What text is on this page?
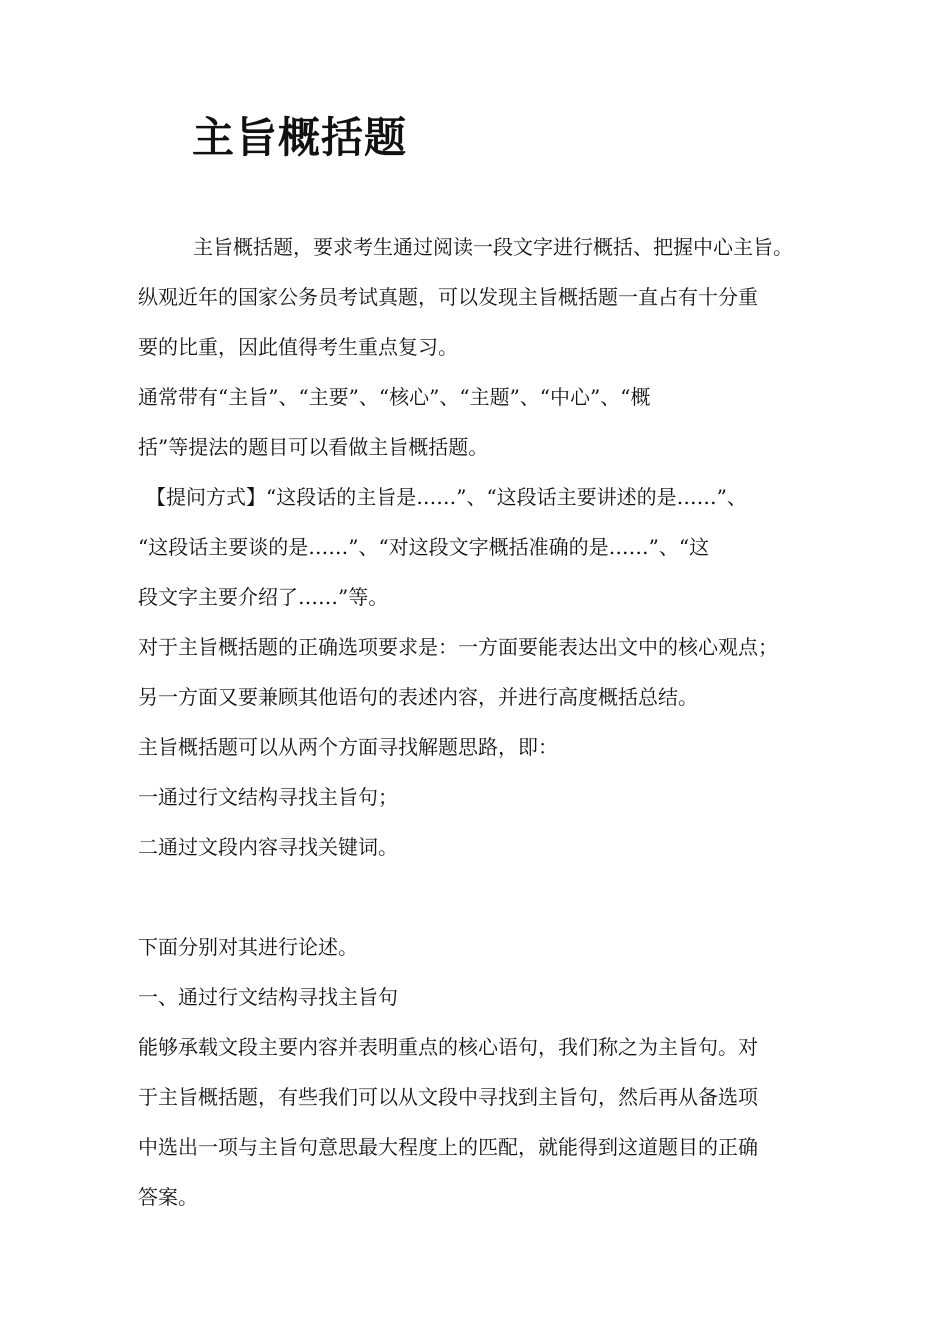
主旨概括题
主旨概括题，要求考生通过阅读一段文字进行概括、把握中心主旨。
纵观近年的国家公务员考试真题，可以发现主旨概括题一直占有十分重
要的比重，因此值得考生重点复习。
通常带有“主旨”、“主要”、“核心”、“主题”、“中心”、“概
括”等提法的题目可以看做主旨概括题。
【提问方式】“这段话的主旨是……”、“这段话主要讲述的是……”、
“这段话主要谈的是……”、“对这段文字概括准确的是……”、“这
段文字主要介绍了……”等。
对于主旨概括题的正确选项要求是：一方面要能表达出文中的核心观点；
另一方面又要兼顾其他语句的表述内容，并进行高度概括总结。
主旨概括题可以从两个方面寻找解题思路，即：
一通过行文结构寻找主旨句；
二通过文段内容寻找关键词。
下面分别对其进行论述。
一、通过行文结构寻找主旨句
能够承载文段主要内容并表明重点的核心语句，我们称之为主旨句。对
于主旨概括题，有些我们可以从文段中寻找到主旨句，然后再从备选项
中选出一项与主旨句意思最大程度上的匹配，就能得到这道题目的正确
答案。
